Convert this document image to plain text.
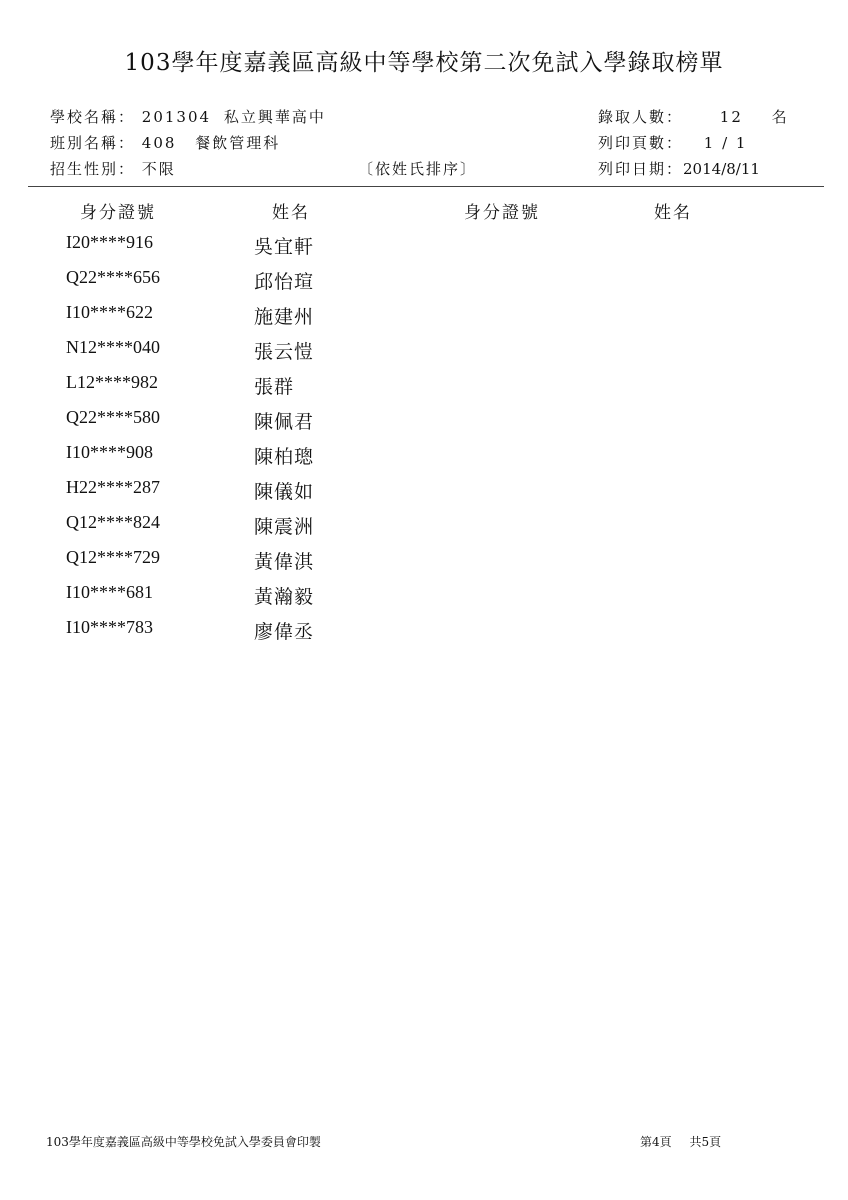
103學年度嘉義區高級中等學校第二次免試入學錄取榜單
學校名稱： 201304 私立興華高中
班別名稱： 408 餐飲管理科
招生性別： 不限	〔依姓氏排序〕
錄取人數： 12 名
列印頁數： 1 / 1
列印日期：2014/8/11
身分證號	姓名	身分證號	姓名
I20****916	吳宜軒
Q22****656	邱怡瑄
I10****622	施建州
N12****040	張云愷
L12****982	張群
Q22****580	陳佩君
I10****908	陳柏璁
H22****287	陳儀如
Q12****824	陳震洲
Q12****729	黃偉淇
I10****681	黃瀚毅
I10****783	廖偉丞
103學年度嘉義區高級中等學校免試入學委員會印製	第4頁 共5頁
